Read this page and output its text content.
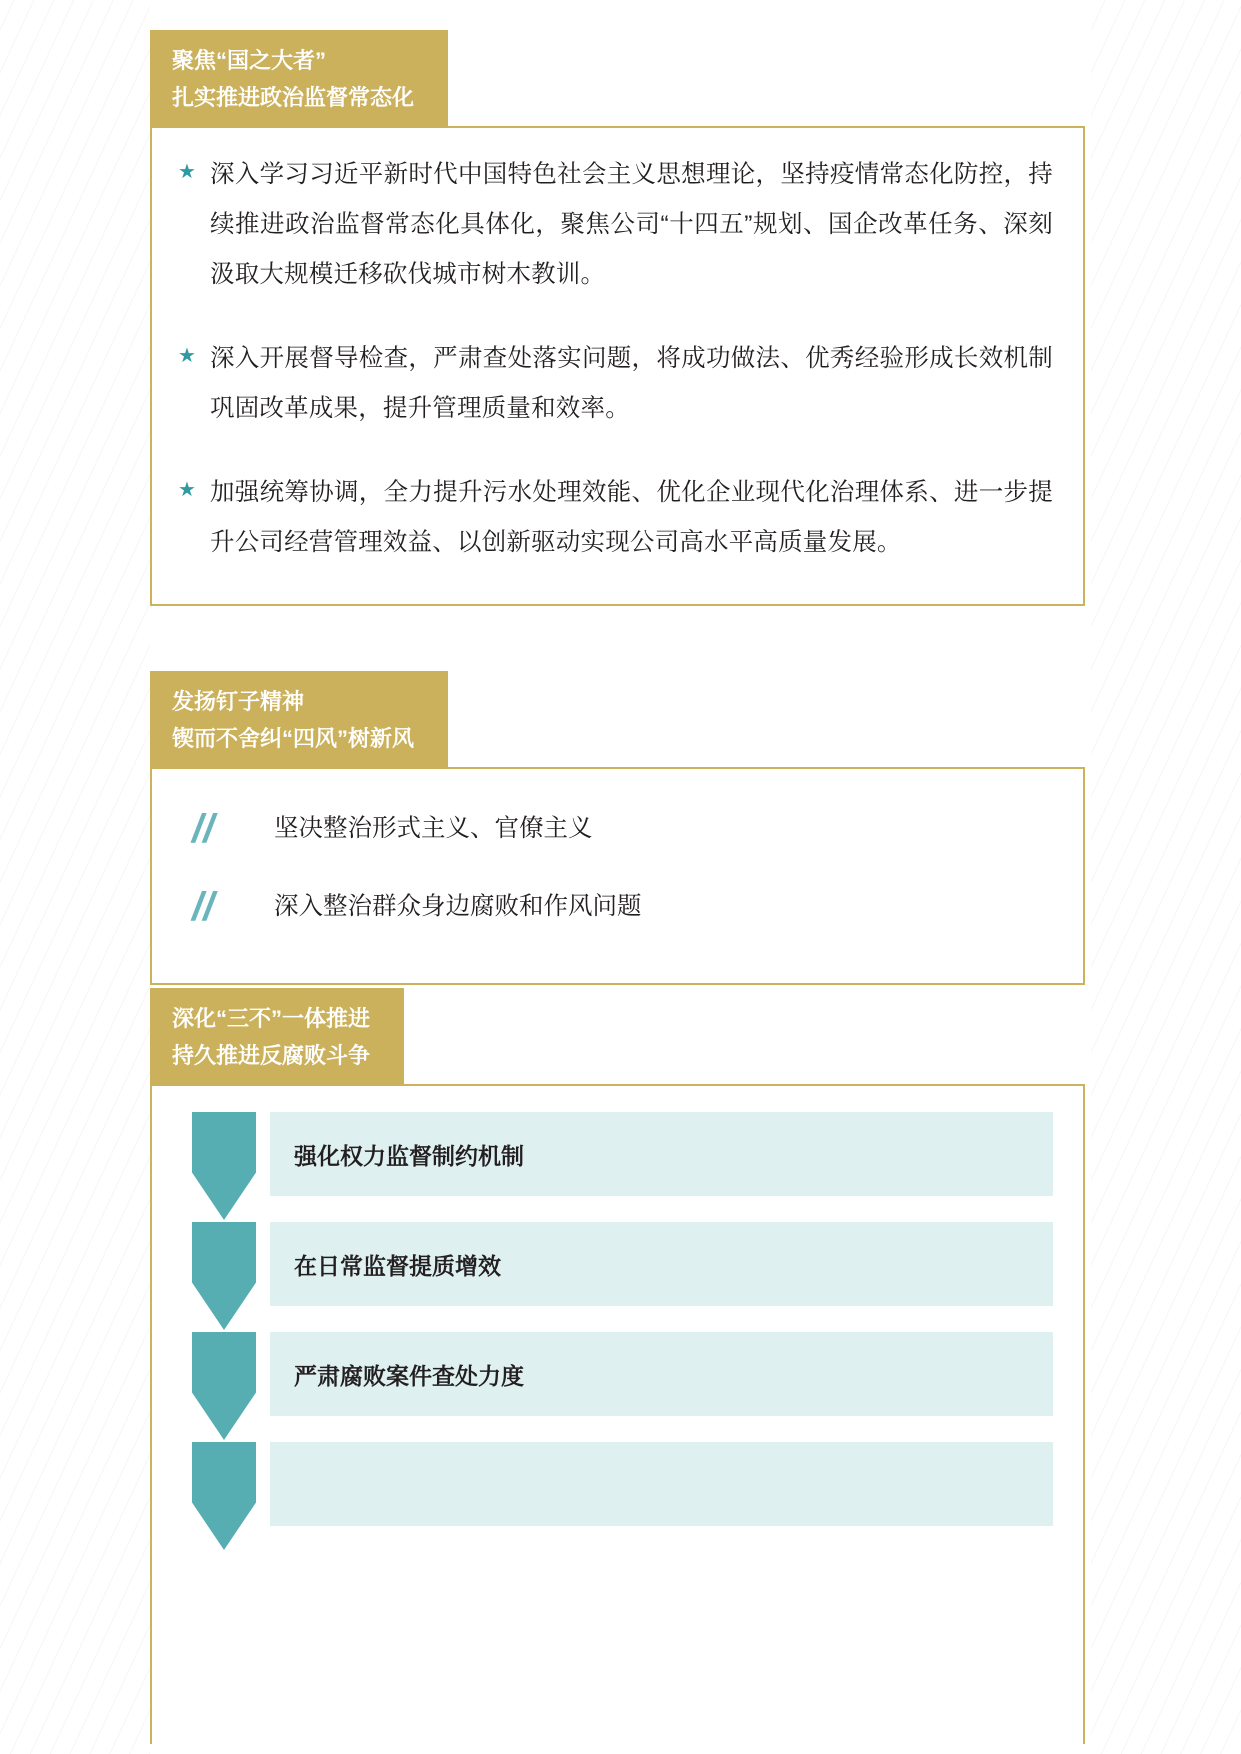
聚焦“国之大者”
扎实推进政治监督常态化
★ 深入学习习近平新时代中国特色社会主义思想理论，坚持疫情常态化防控，持续推进政治监督常态化具体化，聚焦公司“十四五”规划、国企改革任务、深刻汲取大规模迁移砍伐城市树木教训。
★ 深入开展督导检查，严肃查处落实问题，将成功做法、优秀经验形成长效机制巩固改革成果，提升管理质量和效率。
★ 加强统筹协调，全力提升污水处理效能、优化企业现代化治理体系、进一步提升公司经营管理效益、以创新驱动实现公司高水平高质量发展。
发扬钉子精神
锲而不舍纠“四风”树新风
//	坚决整治形式主义、官僚主义
//	深入整治群众身边腐败和作风问题
深化“三不”一体推进
持久推进反腐败斗争
强化权力监督制约机制
在日常监督提质增效
严肃腐败案件查处力度
